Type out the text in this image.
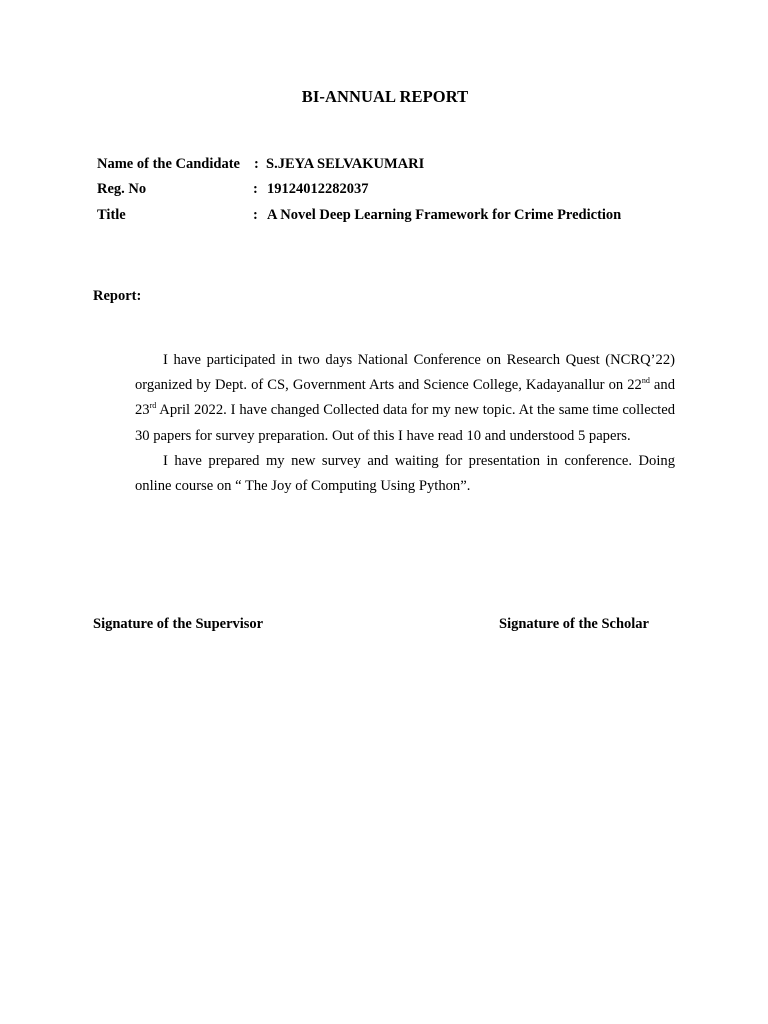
BI-ANNUAL REPORT
Name of the Candidate : S.JEYA SELVAKUMARI
Reg. No	: 19124012282037
Title	: A Novel Deep Learning Framework for Crime Prediction
Report:

I have participated in two days National Conference on Research Quest (NCRQ’22) organized by Dept. of CS, Government Arts and Science College, Kadayanallur on 22nd and 23rd April 2022. I have changed Collected data for my new topic. At the same time collected 30 papers for survey preparation. Out of this I have read 10 and understood 5 papers.

I have prepared my new survey and waiting for presentation in conference. Doing online course on “ The Joy of Computing Using Python”.

Signature of the Supervisor	Signature of the Scholar
